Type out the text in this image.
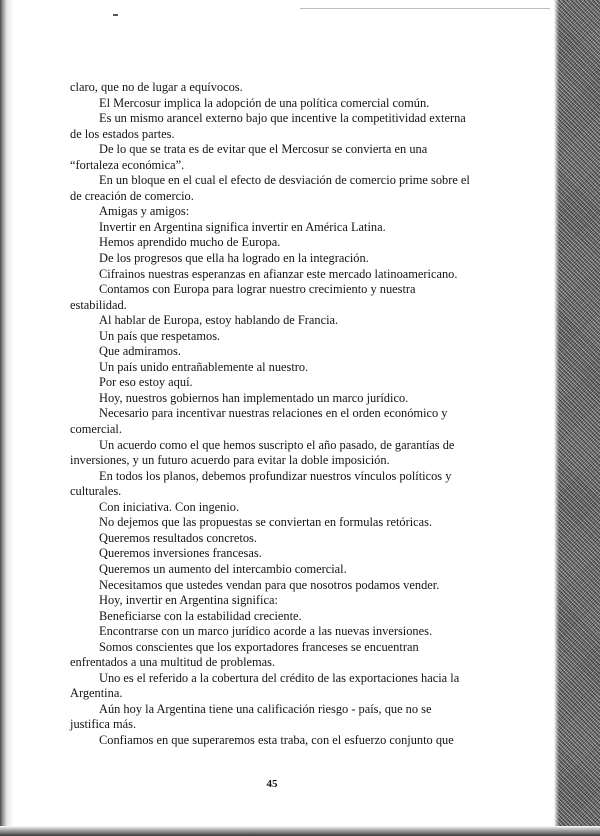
claro, que no de lugar a equívocos.

El Mercosur implica la adopción de una política comercial común.

Es un mismo arancel externo bajo que incentive la competitividad externa

de los estados partes.

De lo que se trata es de evitar que el Mercosur se convierta en una

“fortaleza económica”.

En un bloque en el cual el efecto de desviación de comercio prime sobre el

de creación de comercio.

Amigas y amigos:

Invertir en Argentina significa invertir en América Latina.

Hemos aprendido mucho de Europa.

De los progresos que ella ha logrado en la integración.

Cifrainos nuestras esperanzas en afianzar este mercado latinoamericano.

Contamos con Europa para lograr nuestro crecimiento y nuestra

estabilidad.

Al hablar de Europa, estoy hablando de Francia.

Un país que respetamos.

Que admiramos.

Un país unido entrañablemente al nuestro.

Por eso estoy aquí.

Hoy, nuestros gobiernos han implementado un marco jurídico.

Necesario para incentivar nuestras relaciones en el orden económico y

comercial.

Un acuerdo como el que hemos suscripto el año pasado, de garantías de

inversiones, y un futuro acuerdo para evitar la doble imposición.

En todos los planos, debemos profundizar nuestros vínculos políticos y

culturales.

Con iniciativa. Con ingenio.

No dejemos que las propuestas se conviertan en formulas retóricas.

Queremos resultados concretos.

Queremos inversiones francesas.

Queremos un aumento del intercambio comercial.

Necesitamos que ustedes vendan para que nosotros podamos vender.

Hoy, invertir en Argentina significa:

Beneficiarse con la estabilidad creciente.

Encontrarse con un marco jurídico acorde a las nuevas inversiones.

Somos conscientes que los exportadores franceses se encuentran

enfrentados a una multitud de problemas.

Uno es el referido a la cobertura del crédito de las exportaciones hacia la

Argentina.

Aún hoy la Argentina tiene una calificación riesgo - país, que no se

justifica más.

Confiamos en que superaremos esta traba, con el esfuerzo conjunto que

45
